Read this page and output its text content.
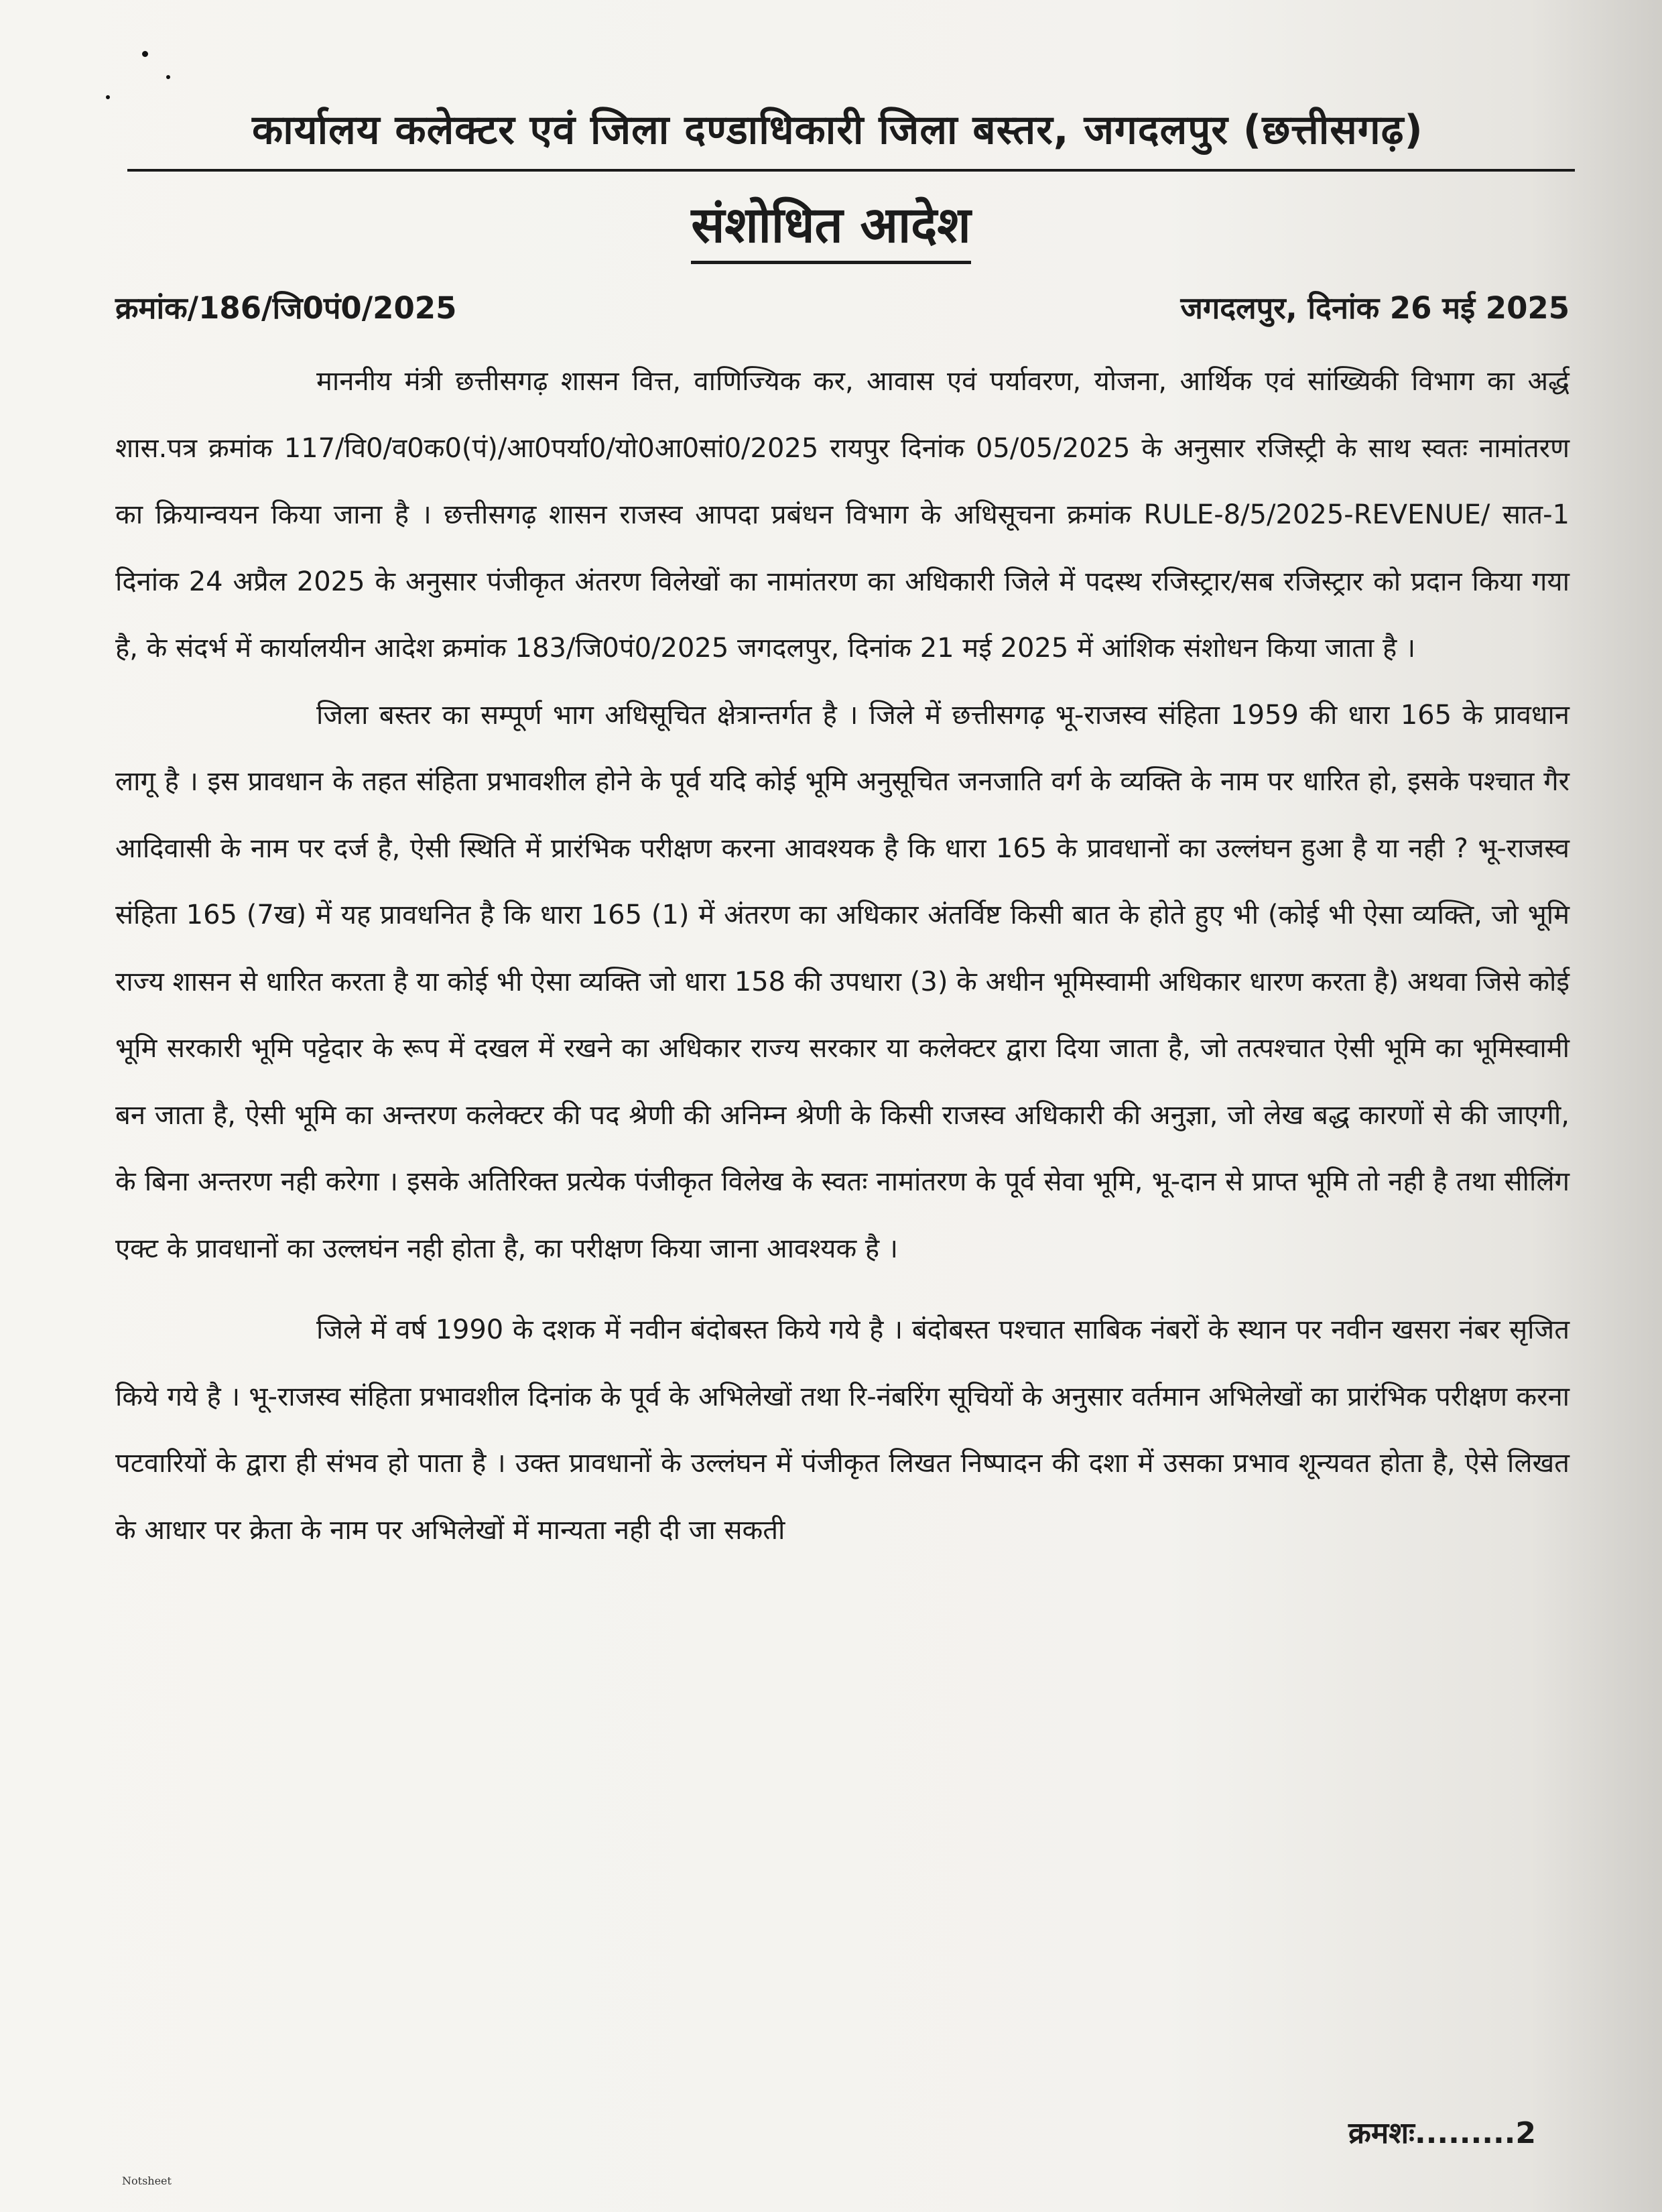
कार्यालय कलेक्टर एवं जिला दण्डाधिकारी जिला बस्तर, जगदलपुर (छत्तीसगढ़)
संशोधित आदेश
क्रमांक/186/जि0पं0/2025	जगदलपुर, दिनांक 26 मई 2025

माननीय मंत्री छत्तीसगढ़ शासन वित्त, वाणिज्यिक कर, आवास एवं पर्यावरण, योजना, आर्थिक एवं सांख्यिकी विभाग का अर्द्ध शास.पत्र क्रमांक 117/वि0/व0क0(पं)/आ0पर्या0/यो0आ0सां0/2025 रायपुर दिनांक 05/05/2025 के अनुसार रजिस्ट्री के साथ स्वतः नामांतरण का क्रियान्वयन किया जाना है । छत्तीसगढ़ शासन राजस्व आपदा प्रबंधन विभाग के अधिसूचना क्रमांक RULE-8/5/2025-REVENUE/ सात-1 दिनांक 24 अप्रैल 2025 के अनुसार पंजीकृत अंतरण विलेखों का नामांतरण का अधिकारी जिले में पदस्थ रजिस्ट्रार/सब रजिस्ट्रार को प्रदान किया गया है, के संदर्भ में कार्यालयीन आदेश क्रमांक 183/जि0पं0/2025 जगदलपुर, दिनांक 21 मई 2025 में आंशिक संशोधन किया जाता है ।

जिला बस्तर का सम्पूर्ण भाग अधिसूचित क्षेत्रान्तर्गत है । जिले में छत्तीसगढ़ भू-राजस्व संहिता 1959 की धारा 165 के प्रावधान लागू है । इस प्रावधान के तहत संहिता प्रभावशील होने के पूर्व यदि कोई भूमि अनुसूचित जनजाति वर्ग के व्यक्ति के नाम पर धारित हो, इसके पश्चात गैर आदिवासी के नाम पर दर्ज है, ऐसी स्थिति में प्रारंभिक परीक्षण करना आवश्यक है कि धारा 165 के प्रावधानों का उल्लंघन हुआ है या नही ? भू-राजस्व संहिता 165 (7ख) में यह प्रावधनित है कि धारा 165 (1) में अंतरण का अधिकार अंतर्विष्ट किसी बात के होते हुए भी (कोई भी ऐसा व्यक्ति, जो भूमि राज्य शासन से धारित करता है या कोई भी ऐसा व्यक्ति जो धारा 158 की उपधारा (3) के अधीन भूमिस्वामी अधिकार धारण करता है) अथवा जिसे कोई भूमि सरकारी भूमि पट्टेदार के रूप में दखल में रखने का अधिकार राज्य सरकार या कलेक्टर द्वारा दिया जाता है, जो तत्पश्चात ऐसी भूमि का भूमिस्वामी बन जाता है, ऐसी भूमि का अन्तरण कलेक्टर की पद श्रेणी की अनिम्न श्रेणी के किसी राजस्व अधिकारी की अनुज्ञा, जो लेख बद्ध कारणों से की जाएगी, के बिना अन्तरण नही करेगा । इसके अतिरिक्त प्रत्येक पंजीकृत विलेख के स्वतः नामांतरण के पूर्व सेवा भूमि, भू-दान से प्राप्त भूमि तो नही है तथा सीलिंग एक्ट के प्रावधानों का उल्लघंन नही होता है, का परीक्षण किया जाना आवश्यक है ।

जिले में वर्ष 1990 के दशक में नवीन बंदोबस्त किये गये है । बंदोबस्त पश्चात साबिक नंबरों के स्थान पर नवीन खसरा नंबर सृजित किये गये है । भू-राजस्व संहिता प्रभावशील दिनांक के पूर्व के अभिलेखों तथा रि-नंबरिंग सूचियों के अनुसार वर्तमान अभिलेखों का प्रारंभिक परीक्षण करना पटवारियों के द्वारा ही संभव हो पाता है । उक्त प्रावधानों के उल्लंघन में पंजीकृत लिखत निष्पादन की दशा में उसका प्रभाव शून्यवत होता है, ऐसे लिखत के आधार पर क्रेता के नाम पर अभिलेखों में मान्यता नही दी जा सकती

क्रमशः.........2
Notsheet
